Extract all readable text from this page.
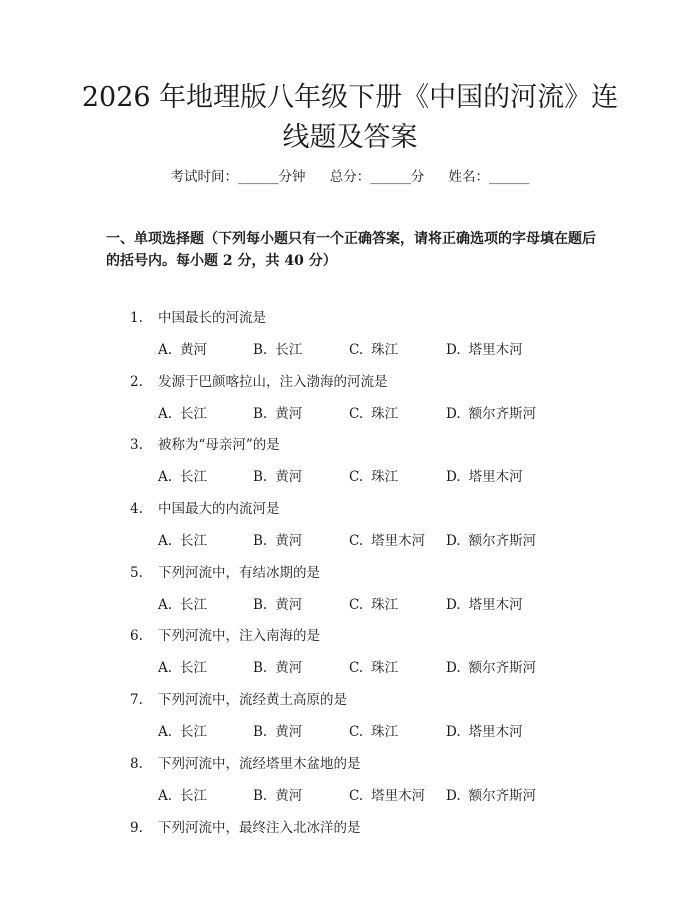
2026 年地理版八年级下册《中国的河流》连线题及答案
考试时间：______分钟 总分：______分 姓名：______
一、单项选择题（下列每小题只有一个正确答案，请将正确选项的字母填在题后的括号内。每小题 2 分，共 40 分）
1. 中国最长的河流是
A. 黄河	B. 长江	C. 珠江	D. 塔里木河
2. 发源于巴颜喀拉山，注入渤海的河流是
A. 长江	B. 黄河	C. 珠江	D. 额尔齐斯河
3. 被称为“母亲河”的是
A. 长江	B. 黄河	C. 珠江	D. 塔里木河
4. 中国最大的内流河是
A. 长江	B. 黄河	C. 塔里木河 D. 额尔齐斯河
5. 下列河流中，有结冰期的是
A. 长江	B. 黄河	C. 珠江	D. 塔里木河
6. 下列河流中，注入南海的是
A. 长江	B. 黄河	C. 珠江	D. 额尔齐斯河
7. 下列河流中，流经黄土高原的是
A. 长江	B. 黄河	C. 珠江	D. 塔里木河
8. 下列河流中，流经塔里木盆地的是
A. 长江	B. 黄河	C. 塔里木河 D. 额尔齐斯河
9. 下列河流中，最终注入北冰洋的是
